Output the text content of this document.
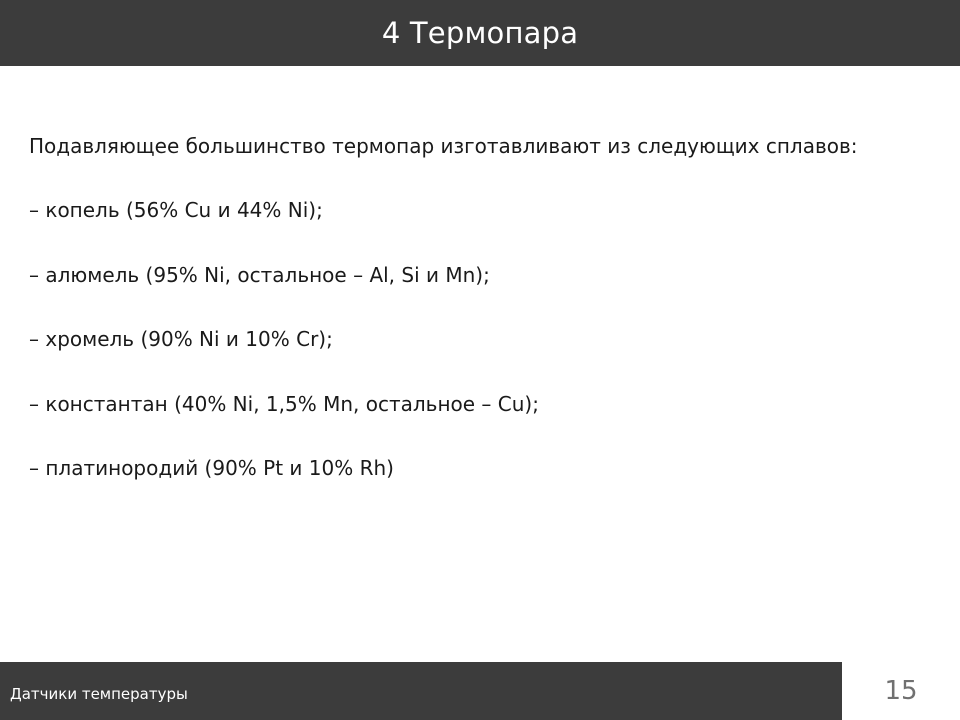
4 Термопара

Подавляющее большинство термопар изготавливают из следующих сплавов:

– копель (56% Cu и 44% Ni);
– алюмель (95% Ni, остальное – Al, Si и Mn);
– хромель (90% Ni и 10% Cr);
– константан (40% Ni, 1,5% Mn, остальное – Cu);
– платинородий (90% Pt и 10% Rh)
Датчики температуры	15
